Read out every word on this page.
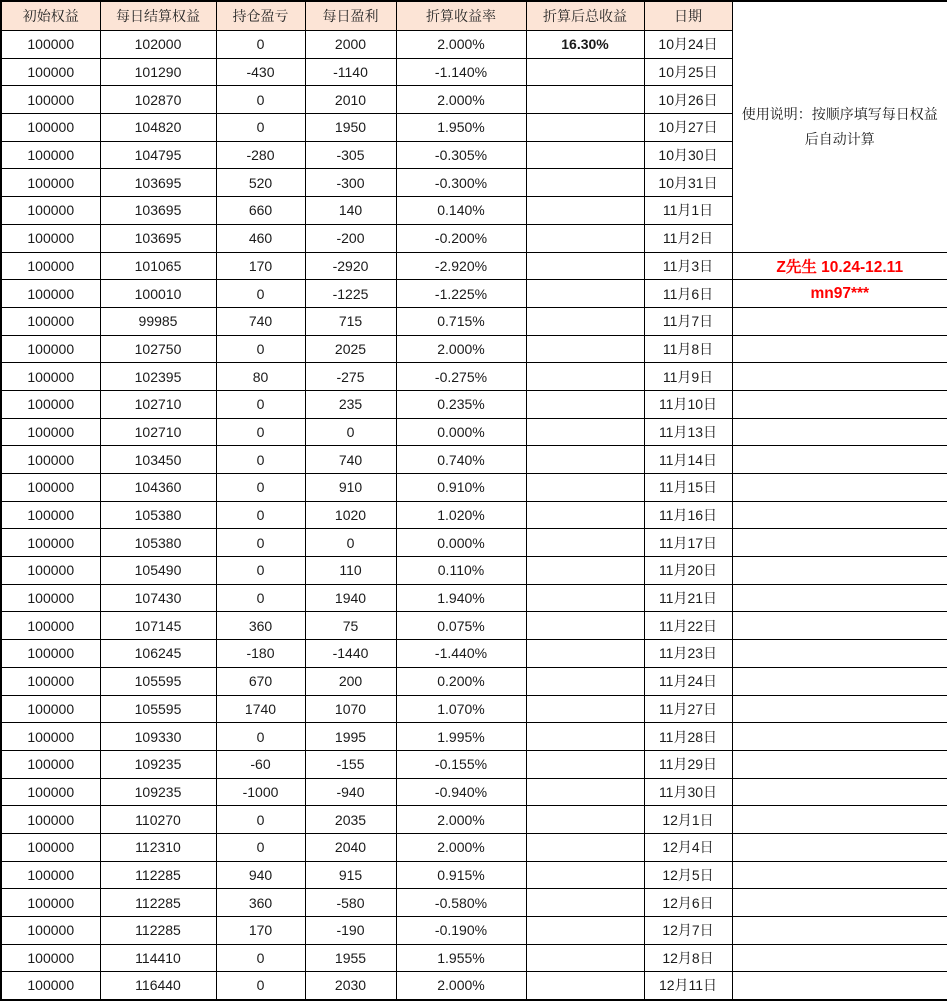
初始权益	每日结算权益	持仓盈亏	每日盈利	折算收益率	折算后总收益	日期	使用说明：按顺序填写每日权益
后自动计算

100000	102000	0	2000	2.000%	16.30%	10月24日	
100000	101290	-430	-1140	-1.140%		10月25日	
100000	102870	0	2010	2.000%		10月26日	
100000	104820	0	1950	1.950%		10月27日	
100000	104795	-280	-305	-0.305%		10月30日	
100000	103695	520	-300	-0.300%		10月31日	
100000	103695	660	140	0.140%		11月1日	
100000	103695	460	-200	-0.200%		11月2日	
100000	101065	170	-2920	-2.920%		11月3日	Z先生 10.24-12.11
100000	100010	0	-1225	-1.225%		11月6日	mn97***
100000	99985	740	715	0.715%		11月7日	
100000	102750	0	2025	2.000%		11月8日	
100000	102395	80	-275	-0.275%		11月9日	
100000	102710	0	235	0.235%		11月10日	
100000	102710	0	0	0.000%		11月13日	
100000	103450	0	740	0.740%		11月14日	
100000	104360	0	910	0.910%		11月15日	
100000	105380	0	1020	1.020%		11月16日	
100000	105380	0	0	0.000%		11月17日	
100000	105490	0	110	0.110%		11月20日	
100000	107430	0	1940	1.940%		11月21日	
100000	107145	360	75	0.075%		11月22日	
100000	106245	-180	-1440	-1.440%		11月23日	
100000	105595	670	200	0.200%		11月24日	
100000	105595	1740	1070	1.070%		11月27日	
100000	109330	0	1995	1.995%		11月28日	
100000	109235	-60	-155	-0.155%		11月29日	
100000	109235	-1000	-940	-0.940%		11月30日	
100000	110270	0	2035	2.000%		12月1日	
100000	112310	0	2040	2.000%		12月4日	
100000	112285	940	915	0.915%		12月5日	
100000	112285	360	-580	-0.580%		12月6日	
100000	112285	170	-190	-0.190%		12月7日	
100000	114410	0	1955	1.955%		12月8日	
100000	116440	0	2030	2.000%		12月11日	
